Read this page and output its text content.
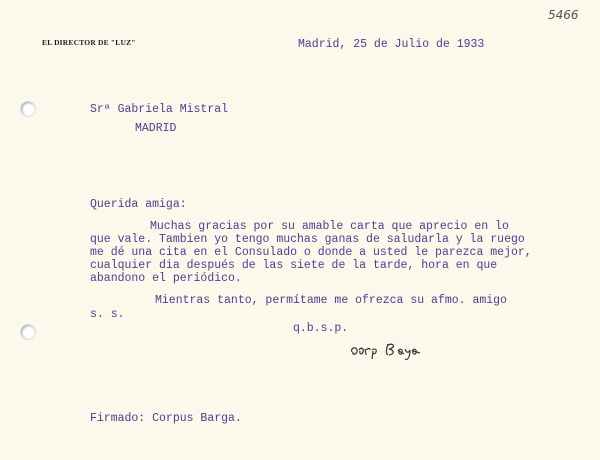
EL DIRECTOR DE "LUZ"
5466
Madrid, 25 de Julio de 1933
Srª Gabriela Mistral
MADRID
Querida amiga:
Muchas gracias por su amable carta que aprecio en lo
que vale. Tambien yo tengo muchas ganas de saludarla y la ruego
me dé una cita en el Consulado o donde a usted le parezca mejor,
cualquier dia después de las siete de la tarde, hora en que
abandono el periódico.
Mientras tanto, permítame me ofrezca su afmo. amigo
s. s.
q.b.s.p.
Firmado: Corpus Barga.
